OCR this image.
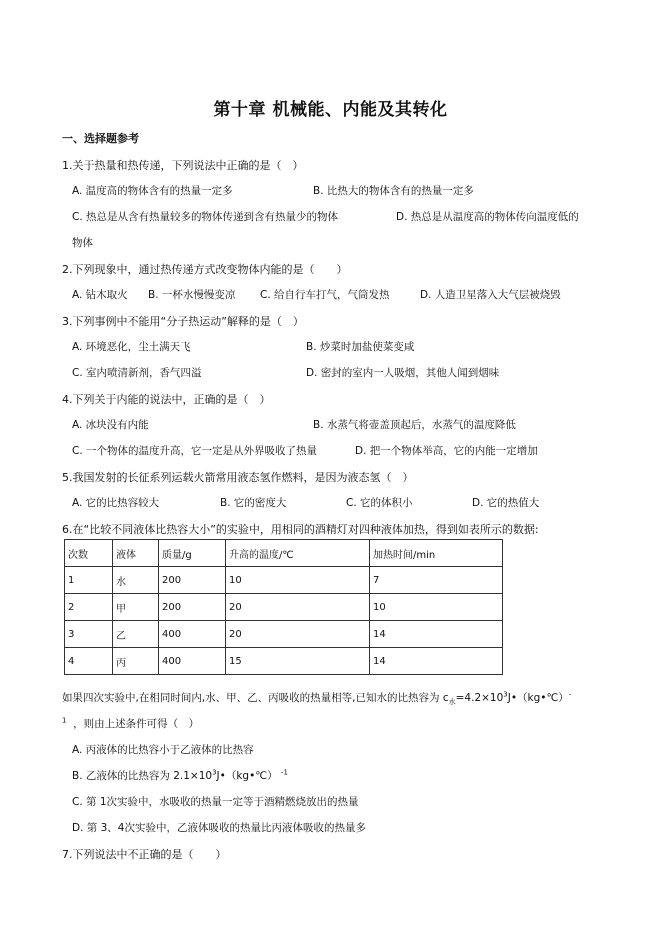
第十章 机械能、内能及其转化
一、选择题参考
1.关于热量和热传递，下列说法中正确的是（　）
A. 温度高的物体含有的热量一定多	B. 比热大的物体含有的热量一定多
C. 热总是从含有热量较多的物体传递到含有热量少的物体	D. 热总是从温度高的物体传向温度低的
物体
2.下列现象中，通过热传递方式改变物体内能的是（　　）
A. 钻木取火 B. 一杯水慢慢变凉 C. 给自行车打气，气筒发热	D. 人造卫星落入大气层被烧毁
3.下列事例中不能用“分子热运动”解释的是（　）
A. 环境恶化，尘土满天飞	B. 炒菜时加盐使菜变咸
C. 室内喷清新剂，香气四溢	D. 密封的室内一人吸烟，其他人闻到烟味
4.下列关于内能的说法中，正确的是（　）
A. 冰块没有内能	B. 水蒸气将壶盖顶起后，水蒸气的温度降低
C. 一个物体的温度升高，它一定是从外界吸收了热量	D. 把一个物体举高，它的内能一定增加
5.我国发射的长征系列运载火箭常用液态氢作燃料，是因为液态氢（　）
A. 它的比热容较大	B. 它的密度大	C. 它的体积小	D. 它的热值大
6.在“比较不同液体比热容大小”的实验中，用相同的酒精灯对四种液体加热，得到如表所示的数据:
次数	液体	质量/g	升高的温度/℃	加热时间/min
1	水	200	10	7
2	甲	200	20	10
3	乙	400	20	14
4	丙	400	15	14
如果四次实验中,在相同时间内,水、甲、乙、丙吸收的热量相等,已知水的比热容为 $c_水=4.2\times 10^3J•(kg•℃)^-$
$^1$ ，则由上述条件可得（　）
A. 丙液体的比热容小于乙液体的比热容
B. 乙液体的比热容为 $2.1\times 10^3J•(kg•℃)$ $^{-1}$
C. 第 1次实验中，水吸收的热量一定等于酒精燃烧放出的热量
D. 第 3、4次实验中，乙液体吸收的热量比丙液体吸收的热量多
7.下列说法中不正确的是（　　）
